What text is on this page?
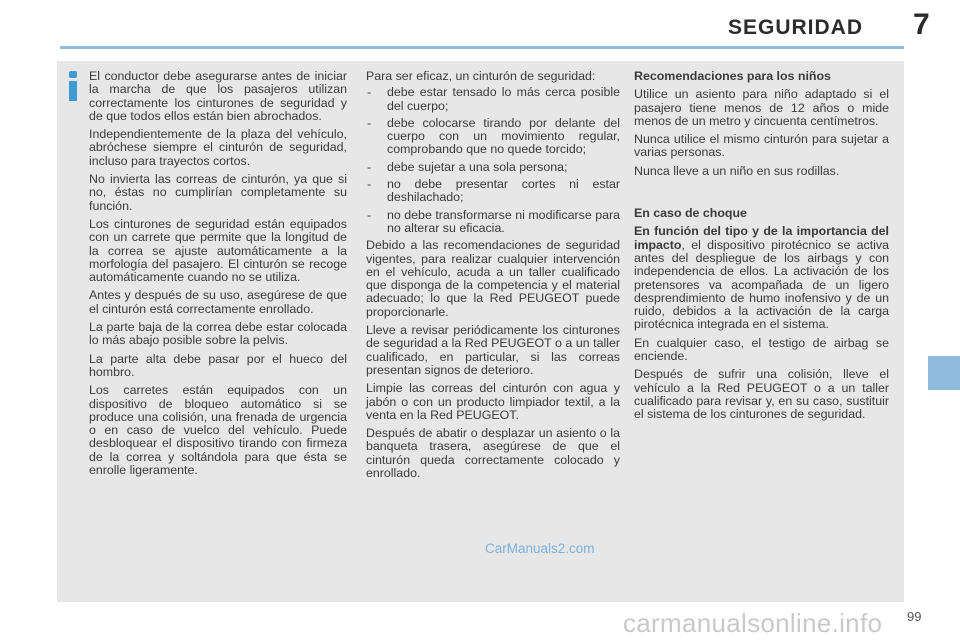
SEGURIDAD 7

El conductor debe asegurarse antes de iniciar la marcha de que los pasajeros utilizan correctamente los cinturones de seguridad y de que todos ellos están bien abrochados.

Independientemente de la plaza del vehículo, abróchese siempre el cinturón de seguridad, incluso para trayectos cortos.

No invierta las correas de cinturón, ya que si no, éstas no cumplirían completamente su función.

Los cinturones de seguridad están equipados con un carrete que permite que la longitud de la correa se ajuste automáticamente a la morfología del pasajero. El cinturón se recoge automáticamente cuando no se utiliza.

Antes y después de su uso, asegúrese de que el cinturón está correctamente enrollado.

La parte baja de la correa debe estar colocada lo más abajo posible sobre la pelvis.

La parte alta debe pasar por el hueco del hombro.

Los carretes están equipados con un dispositivo de bloqueo automático si se produce una colisión, una frenada de urgencia o en caso de vuelco del vehículo. Puede desbloquear el dispositivo tirando con firmeza de la correa y soltándola para que ésta se enrolle ligeramente.

Para ser eficaz, un cinturón de seguridad:

- debe estar tensado lo más cerca posible del cuerpo;
- debe colocarse tirando por delante del cuerpo con un movimiento regular, comprobando que no quede torcido;
- debe sujetar a una sola persona;
- no debe presentar cortes ni estar deshilachado;
- no debe transformarse ni modificarse para no alterar su eficacia.

Debido a las recomendaciones de seguridad vigentes, para realizar cualquier intervención en el vehículo, acuda a un taller cualificado que disponga de la competencia y el material adecuado; lo que la Red PEUGEOT puede proporcionarle.

Lleve a revisar periódicamente los cinturones de seguridad a la Red PEUGEOT o a un taller cualificado, en particular, si las correas presentan signos de deterioro.

Limpie las correas del cinturón con agua y jabón o con un producto limpiador textil, a la venta en la Red PEUGEOT.

Después de abatir o desplazar un asiento o la banqueta trasera, asegúrese de que el cinturón queda correctamente colocado y enrollado.

Recomendaciones para los niños

Utilice un asiento para niño adaptado si el pasajero tiene menos de 12 años o mide menos de un metro y cincuenta centímetros.

Nunca utilice el mismo cinturón para sujetar a varias personas.

Nunca lleve a un niño en sus rodillas.

En caso de choque

En función del tipo y de la importancia del impacto, el dispositivo pirotécnico se activa antes del despliegue de los airbags y con independencia de ellos. La activación de los pretensores va acompañada de un ligero desprendimiento de humo inofensivo y de un ruido, debidos a la activación de la carga pirotécnica integrada en el sistema.

En cualquier caso, el testigo de airbag se enciende.

Después de sufrir una colisión, lleve el vehículo a la Red PEUGEOT o a un taller cualificado para revisar y, en su caso, sustituir el sistema de los cinturones de seguridad.

CarManuals2.com
carmanualsonline.info 99
